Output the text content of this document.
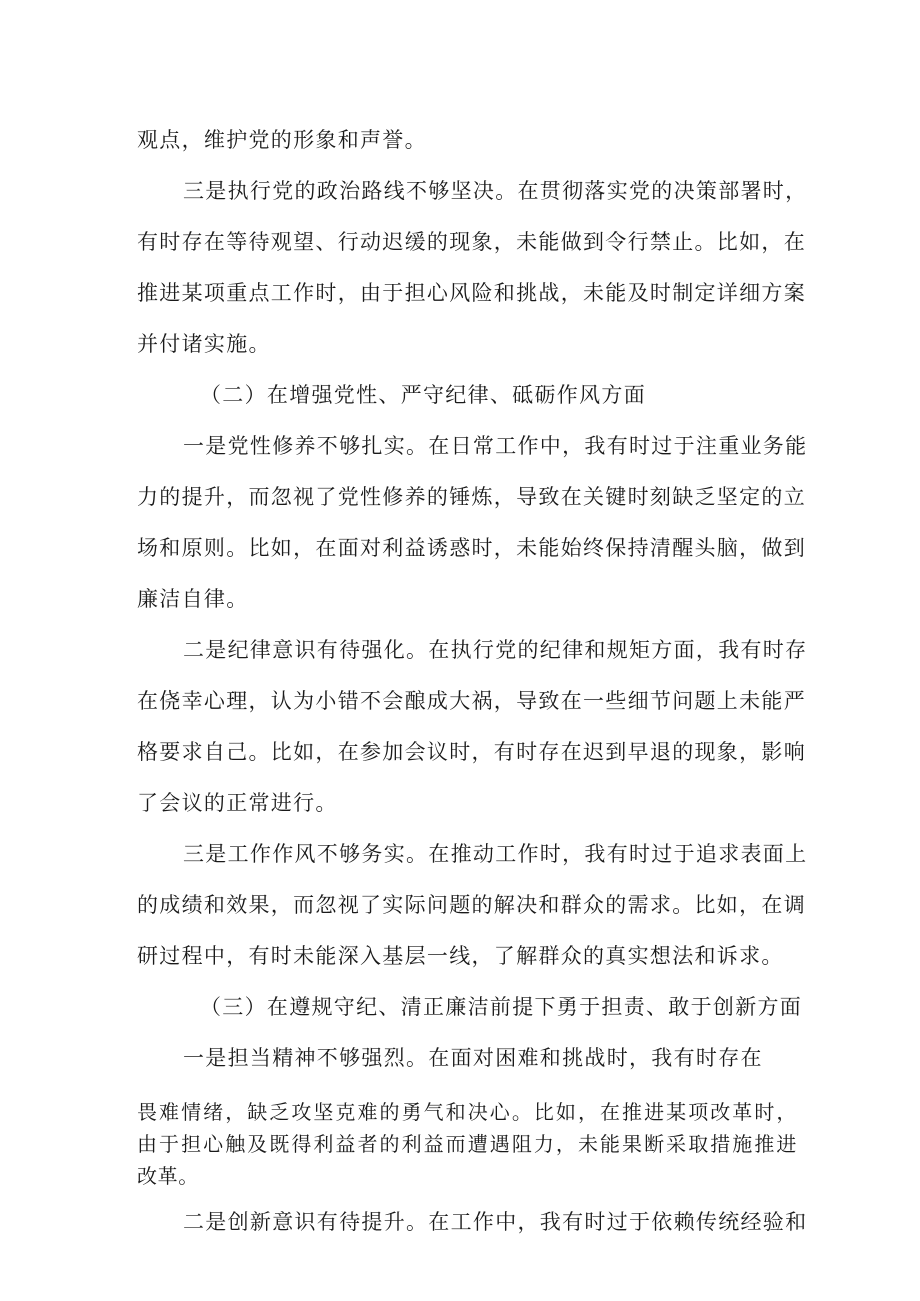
观点，维护党的形象和声誉。
三是执行党的政治路线不够坚决。在贯彻落实党的决策部署时，
有时存在等待观望、行动迟缓的现象，未能做到令行禁止。比如，在
推进某项重点工作时，由于担心风险和挑战，未能及时制定详细方案
并付诸实施。
（二）在增强党性、严守纪律、砥砺作风方面
一是党性修养不够扎实。在日常工作中，我有时过于注重业务能
力的提升，而忽视了党性修养的锤炼，导致在关键时刻缺乏坚定的立
场和原则。比如，在面对利益诱惑时，未能始终保持清醒头脑，做到
廉洁自律。
二是纪律意识有待强化。在执行党的纪律和规矩方面，我有时存
在侥幸心理，认为小错不会酿成大祸，导致在一些细节问题上未能严
格要求自己。比如，在参加会议时，有时存在迟到早退的现象，影响
了会议的正常进行。
三是工作作风不够务实。在推动工作时，我有时过于追求表面上
的成绩和效果，而忽视了实际问题的解决和群众的需求。比如，在调
研过程中，有时未能深入基层一线，了解群众的真实想法和诉求。
（三）在遵规守纪、清正廉洁前提下勇于担责、敢于创新方面
一是担当精神不够强烈。在面对困难和挑战时，我有时存在
畏难情绪，缺乏攻坚克难的勇气和决心。比如，在推进某项改革时，
由于担心触及既得利益者的利益而遭遇阻力，未能果断采取措施推进
改革。
二是创新意识有待提升。在工作中，我有时过于依赖传统经验和
